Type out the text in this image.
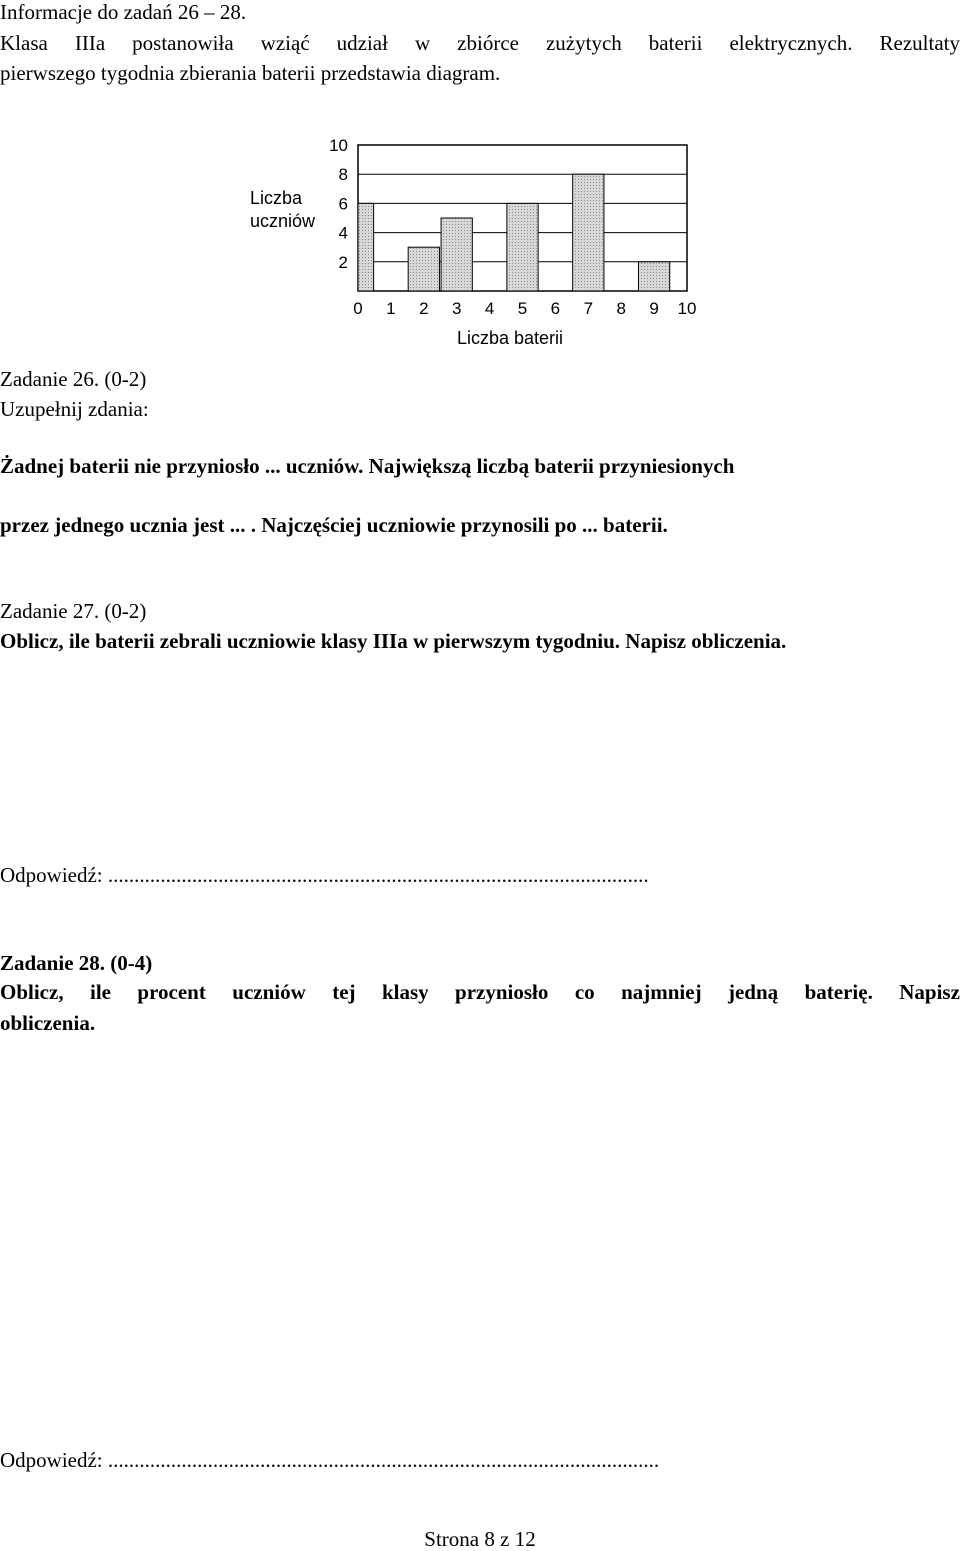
Informacje do zadań 26 – 28.
Klasa IIIa postanowiła wziąć udział w zbiórce zużytych baterii elektrycznych. Rezultaty
pierwszego tygodnia zbierania baterii przedstawia diagram.
2
4
6
8
10
0 1 2 3 4 5 6 7 8 9 10
Liczba
uczniów
Liczba baterii
Zadanie 26. (0-2)
Uzupełnij zdania:
Żadnej baterii nie przyniosło ... uczniów. Największą liczbą baterii przyniesionych
przez jednego ucznia jest ... . Najczęściej uczniowie przynosili po ... baterii.
Zadanie 27. (0-2)
Oblicz, ile baterii zebrali uczniowie klasy IIIa w pierwszym tygodniu. Napisz obliczenia.
Odpowiedź: .......................................................................................................
Zadanie 28. (0-4)
Oblicz, ile procent uczniów tej klasy przyniosło co najmniej jedną baterię. Napisz
obliczenia.
Odpowiedź: .........................................................................................................
Strona 8 z 12
